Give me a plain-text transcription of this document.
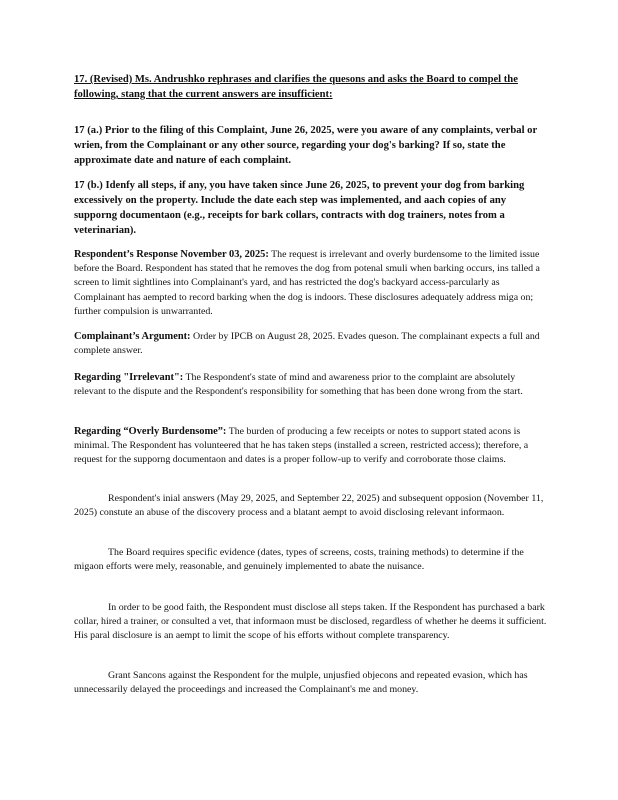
17. (Revised) Ms. Andrushko rephrases and clarifies the quesons and asks the Board to compel the following, stang that the current answers are insufficient:

17 (a.) Prior to the filing of this Complaint, June 26, 2025, were you aware of any complaints, verbal or wrien, from the Complainant or any other source, regarding your dog's barking? If so, state the approximate date and nature of each complaint.

17 (b.) Idenfy all steps, if any, you have taken since June 26, 2025, to prevent your dog from barking excessively on the property. Include the date each step was implemented, and aach copies of any supporng documentaon (e.g., receipts for bark collars, contracts with dog trainers, notes from a veterinarian).

Respondent’s Response November 03, 2025: The request is irrelevant and overly burdensome to the limited issue before the Board. Respondent has stated that he removes the dog from potenal smuli when barking occurs, ins talled a screen to limit sightlines into Complainant's yard, and has restricted the dog's backyard access-parcularly as Complainant has aempted to record barking when the dog is indoors. These disclosures adequately address miga on; further compulsion is unwarranted.

Complainant’s Argument: Order by IPCB on August 28, 2025. Evades queson. The complainant expects a full and complete answer.

Regarding "Irrelevant": The Respondent's state of mind and awareness prior to the complaint are absolutely relevant to the dispute and the Respondent's responsibility for something that has been done wrong from the start.

Regarding “Overly Burdensome”: The burden of producing a few receipts or notes to support stated acons is minimal. The Respondent has volunteered that he has taken steps (installed a screen, restricted access); therefore, a request for the supporng documentaon and dates is a proper follow-up to verify and corroborate those claims.

Respondent's inial answers (May 29, 2025, and September 22, 2025) and subsequent opposion (November 11, 2025) constute an abuse of the discovery process and a blatant aempt to avoid disclosing relevant informaon.

The Board requires specific evidence (dates, types of screens, costs, training methods) to determine if the migaon efforts were mely, reasonable, and genuinely implemented to abate the nuisance.

In order to be good faith, the Respondent must disclose all steps taken. If the Respondent has purchased a bark collar, hired a trainer, or consulted a vet, that informaon must be disclosed, regardless of whether he deems it sufficient. His paral disclosure is an aempt to limit the scope of his efforts without complete transparency.

Grant Sancons against the Respondent for the mulple, unjusfied objecons and repeated evasion, which has unnecessarily delayed the proceedings and increased the Complainant's me and money.
